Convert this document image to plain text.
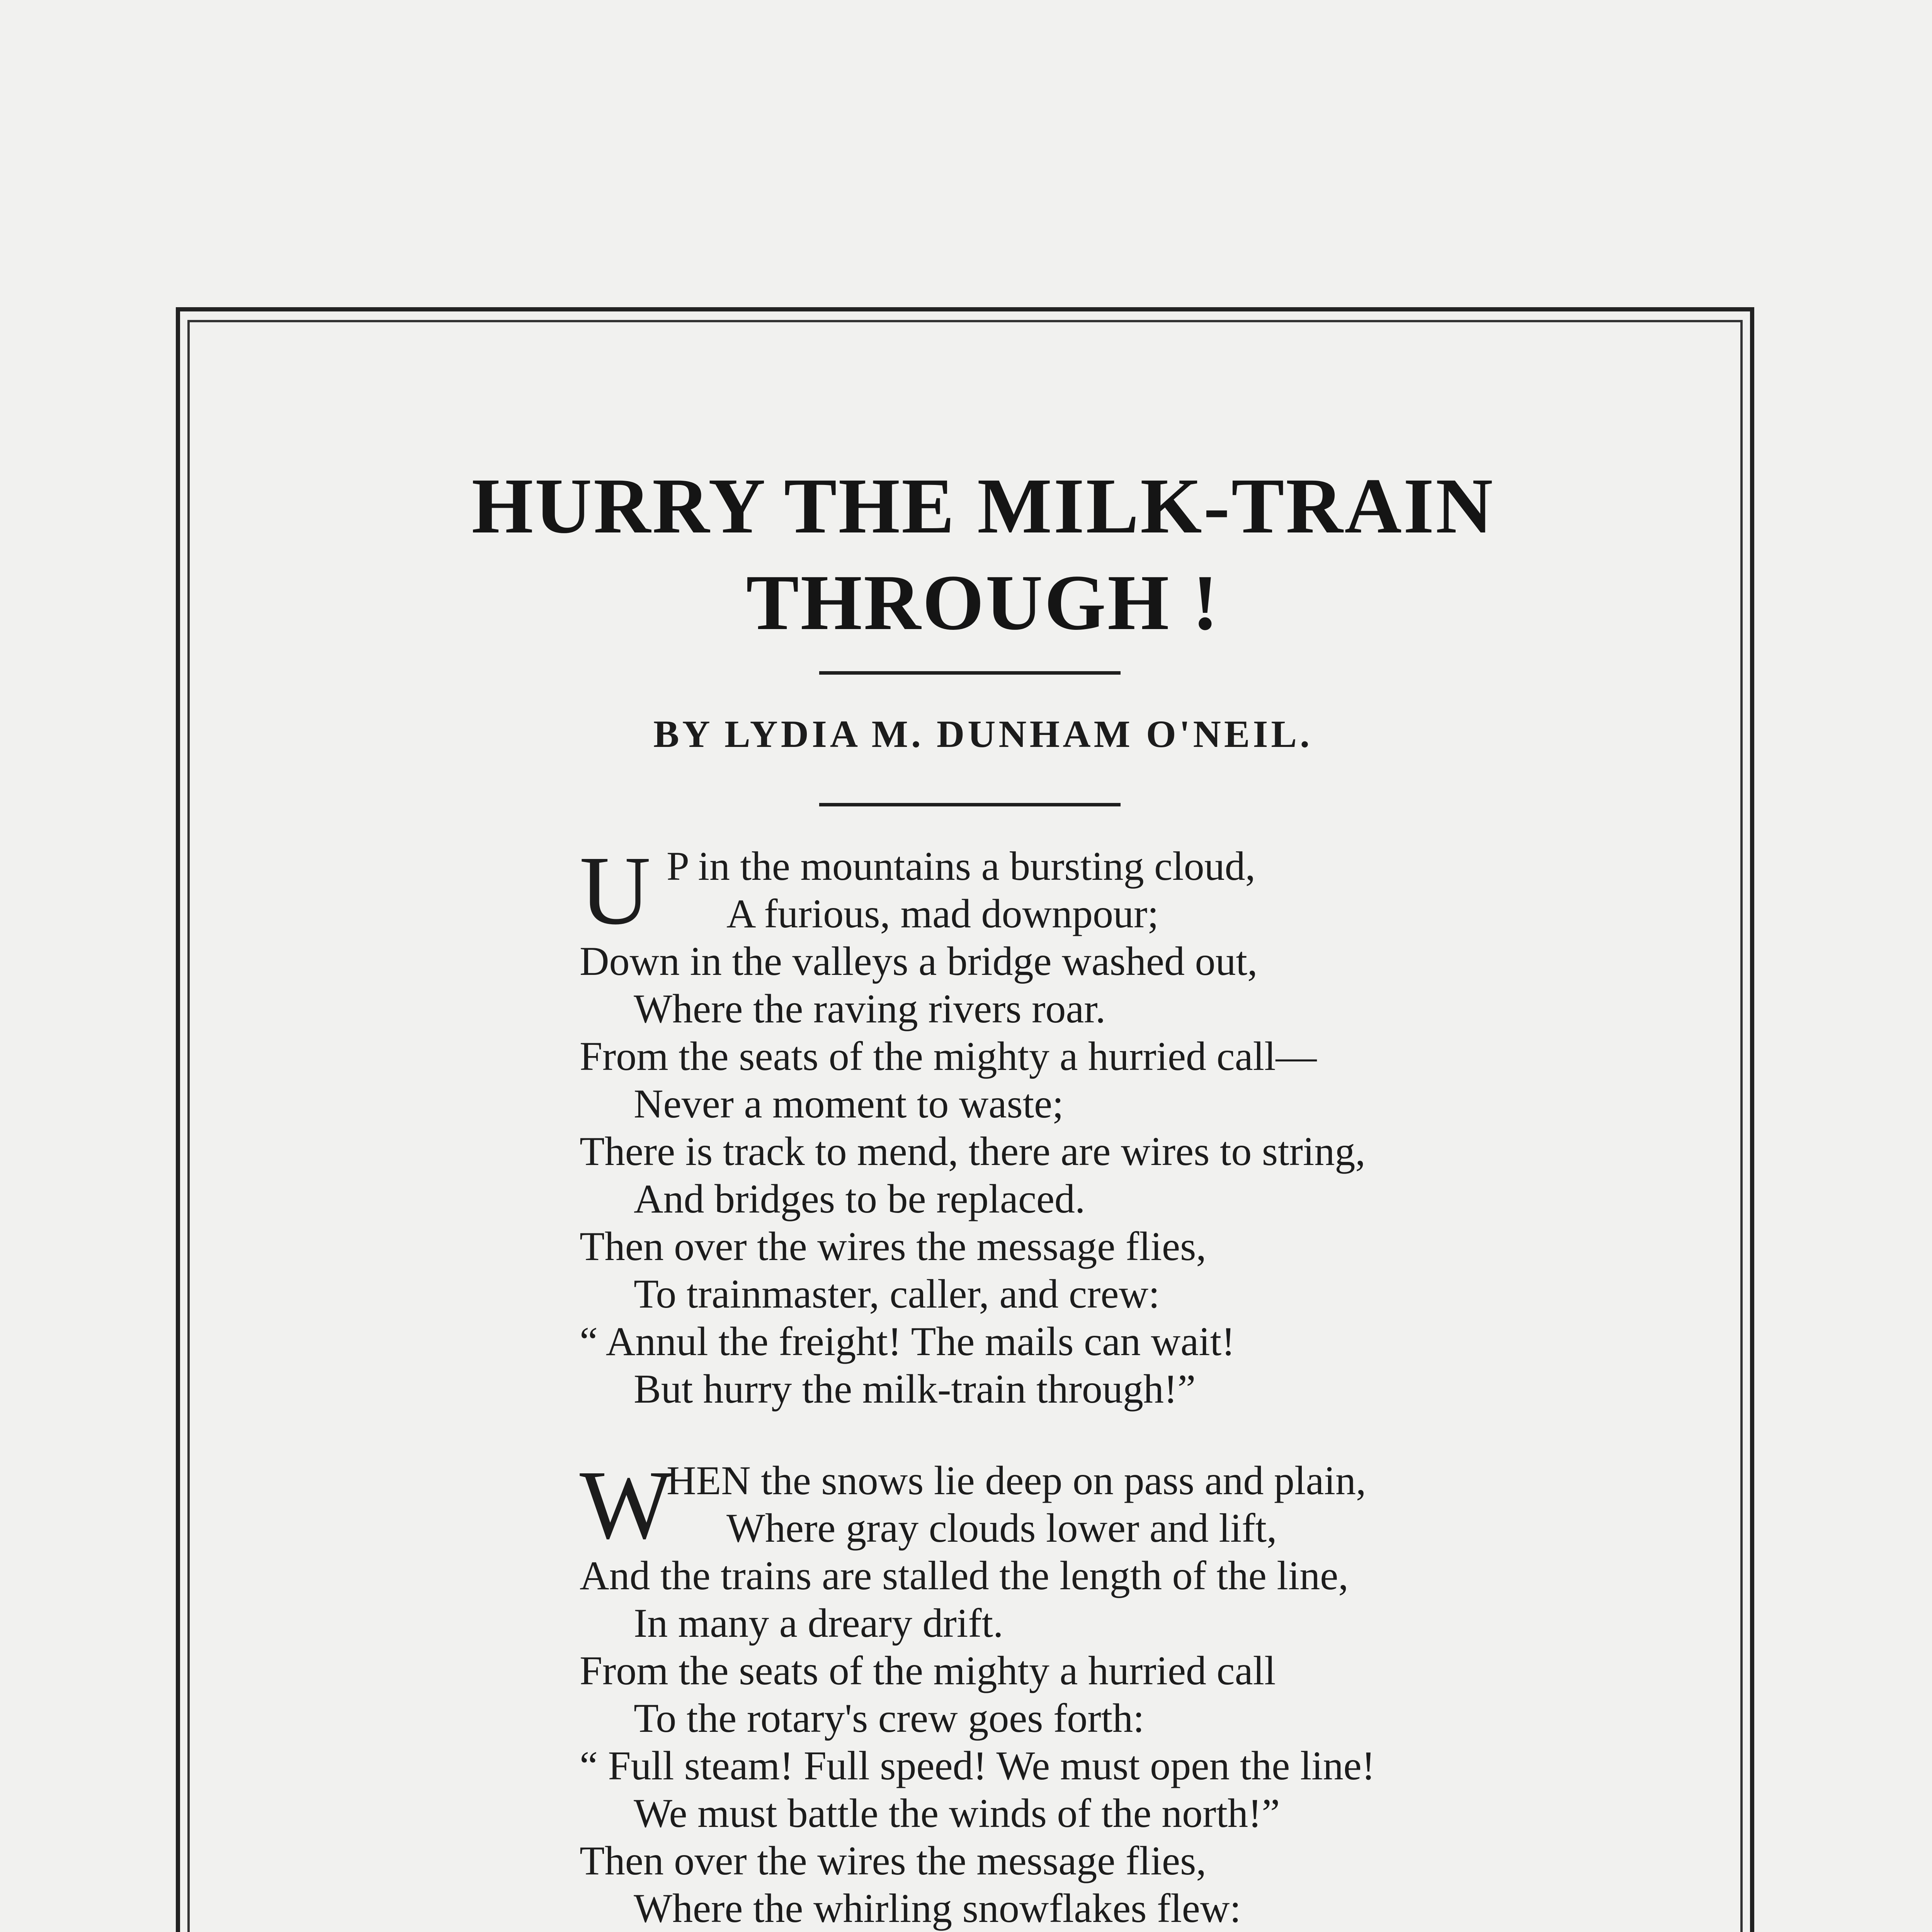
HURRY THE MILK-TRAIN
THROUGH !
BY LYDIA M. DUNHAM O'NEIL.
U P in the mountains a bursting cloud,
A furious, mad downpour;
Down in the valleys a bridge washed out,
Where the raving rivers roar.
From the seats of the mighty a hurried call—
Never a moment to waste;
There is track to mend, there are wires to string,
And bridges to be replaced.
Then over the wires the message flies,
To trainmaster, caller, and crew:
“ Annul the freight! The mails can wait!
But hurry the milk-train through!”
W
HEN the snows lie deep on pass and plain,
Where gray clouds lower and lift,
And the trains are stalled the length of the line,
In many a dreary drift.
From the seats of the mighty a hurried call
To the rotary's crew goes forth:
“ Full steam! Full speed! We must open the line!
We must battle the winds of the north!”
Then over the wires the message flies,
Where the whirling snowflakes flew:
